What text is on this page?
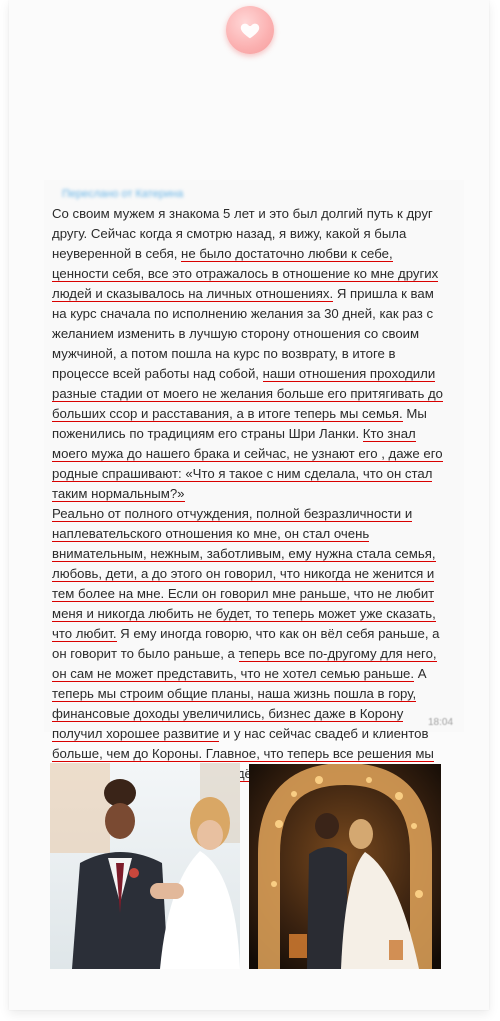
Пересланo от Катерина
Со своим мужем я знакома 5 лет и это был долгий путь к друг
другу. Сейчас когда я смотрю назад, я вижу, какой я была
неуверенной в себя, не было достаточно любви к себе,
ценности себя, все это отражалось в отношение ко мне других
людей и сказывалось на личных отношениях. Я пришла к вам
на курс сначала по исполнению желания за 30 дней, как раз с
желанием изменить в лучшую сторону отношения со своим
мужчиной, а потом пошла на курс по возврату, в итоге в
процессе всей работы над собой, наши отношения проходили
разные стадии от моего не желания больше его притягивать до
больших ссор и расставания, а в итоге теперь мы семья. Мы
поженились по традициям его страны Шри Ланки. Кто знал
моего мужа до нашего брака и сейчас, не узнают его , даже его
родные спрашивают: «Что я такое с ним сделала, что он стал
таким нормальным?»
Реально от полного отчуждения, полной безразличности и
наплевательского отношения ко мне, он стал очень
внимательным, нежным, заботливым, ему нужна стала семья,
любовь, дети, а до этого он говорил, что никогда не женится и
тем более на мне. Если он говорил мне раньше, что не любит
меня и никогда любить не будет, то теперь может уже сказать,
что любит. Я ему иногда говорю, что как он вёл себя раньше, а
он говорит то было раньше, а теперь все по-другому для него,
он сам не может представить, что не хотел семью раньше. А
теперь мы строим общие планы, наша жизнь пошла в гору,
финансовые доходы увеличились, бизнес даже в Корону
получил хорошее развитие и у нас сейчас свадеб и клиентов
больше, чем до Короны. Главное, что теперь все решения мы
идём
18:04
